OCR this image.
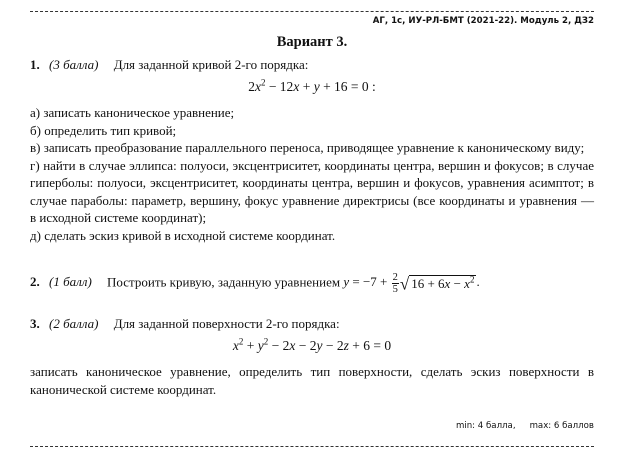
АГ, 1с, ИУ-РЛ-БМТ (2021-22). Модуль 2, ДЗ2
Вариант 3.
1. (3 балла) Для заданной кривой 2-го порядка:
$2x^2 - 12x + y + 16 = 0$ :
а) записать каноническое уравнение;
б) определить тип кривой;
в) записать преобразование параллельного переноса, приводящее уравнение к каноническому виду;
г) найти в случае эллипса: полуоси, эксцентриситет, координаты центра, вершин и фокусов; в случае гиперболы: полуоси, эксцентриситет, координаты центра, вершин и фокусов, уравнения асимптот; в случае параболы: параметр, вершину, фокус уравнение директрисы (все координаты и уравнения — в исходной системе координат);
д) сделать эскиз кривой в исходной системе координат.
2. (1 балл) Построить кривую, заданную уравнением $y = -7 + \frac{2}{5}$ √ $16 + 6x - x^2$ .
3. (2 балла) Для заданной поверхности 2-го порядка:
$x^2 + y^2 - 2x - 2y - 2z + 6 = 0$
записать каноническое уравнение, определить тип поверхности, сделать эскиз поверхности в канонической системе координат.
min: 4 балла, max: 6 баллов
